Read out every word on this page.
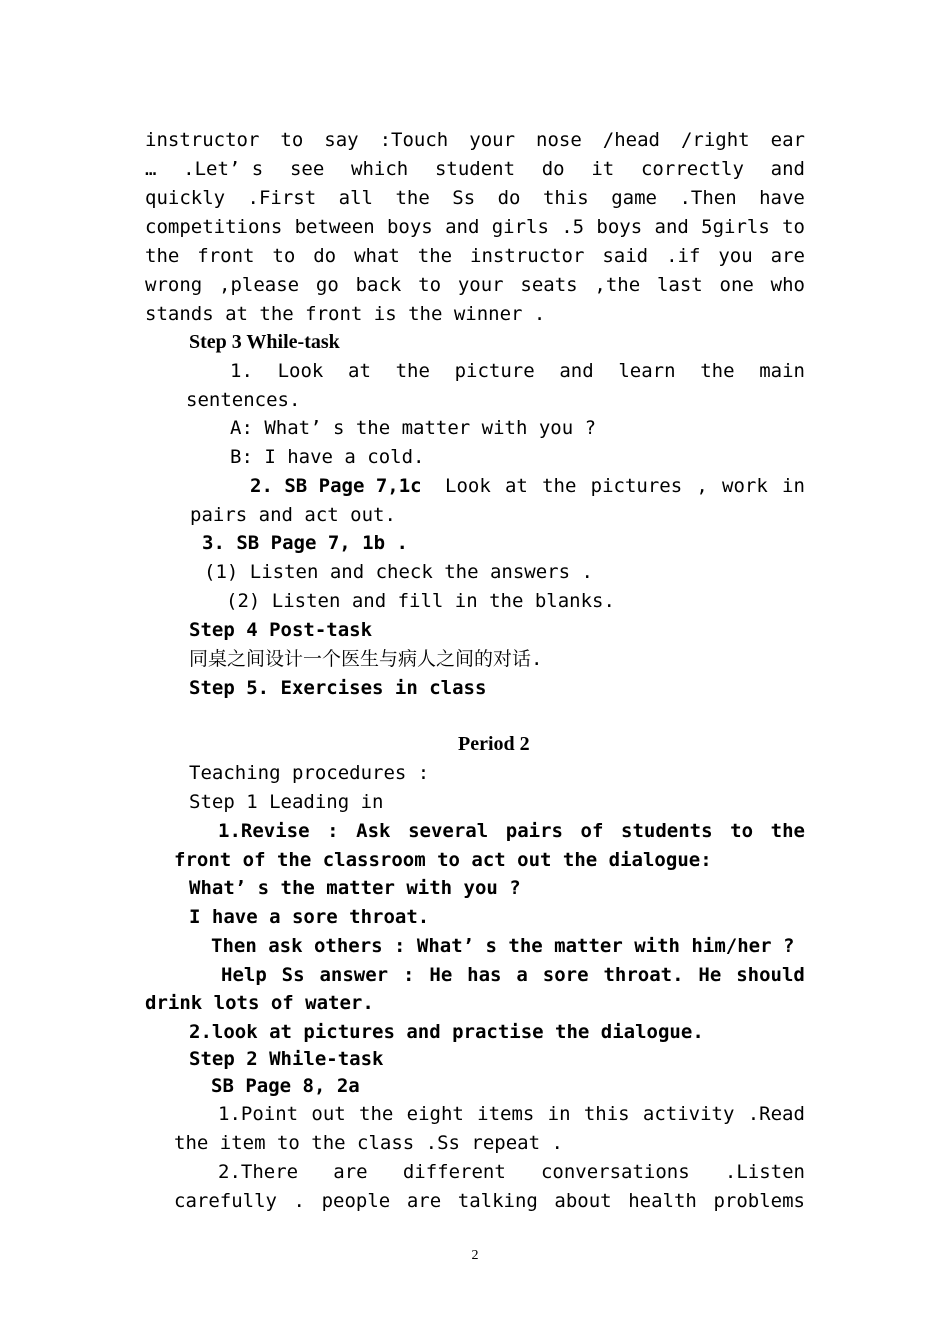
instructor to say :Touch your nose /head /right ear
… .Let’ s see which student do it correctly and
quickly .First all the Ss do this game .Then have
competitions between boys and girls .5 boys and 5girls to
the front to do what the instructor said .if you are
wrong ,please go back to your seats ,the last one who
stands at the front is the winner .
Step 3 While-task
1. Look at the picture and learn the main
sentences.
A: What’ s the matter with you ?
B: I have a cold.
2. SB Page 7,1c Look at the pictures , work in
pairs and act out.
3. SB Page 7, 1b .
(1) Listen and check the answers .
(2) Listen and fill in the blanks.
Step 4 Post-task
同桌之间设计一个医生与病人之间的对话.
Step 5. Exercises in class
Period 2
Teaching procedures :
Step 1 Leading in
1.Revise : Ask several pairs of students to the
front of the classroom to act out the dialogue:
What’ s the matter with you ?
I have a sore throat.
Then ask others : What’ s the matter with him/her ?
Help Ss answer : He has a sore throat. He should
drink lots of water.
2.look at pictures and practise the dialogue.
Step 2 While-task
SB Page 8, 2a
1.Point out the eight items in this activity .Read
the item to the class .Ss repeat .
2.There are different conversations .Listen
carefully . people are talking about health problems
2
